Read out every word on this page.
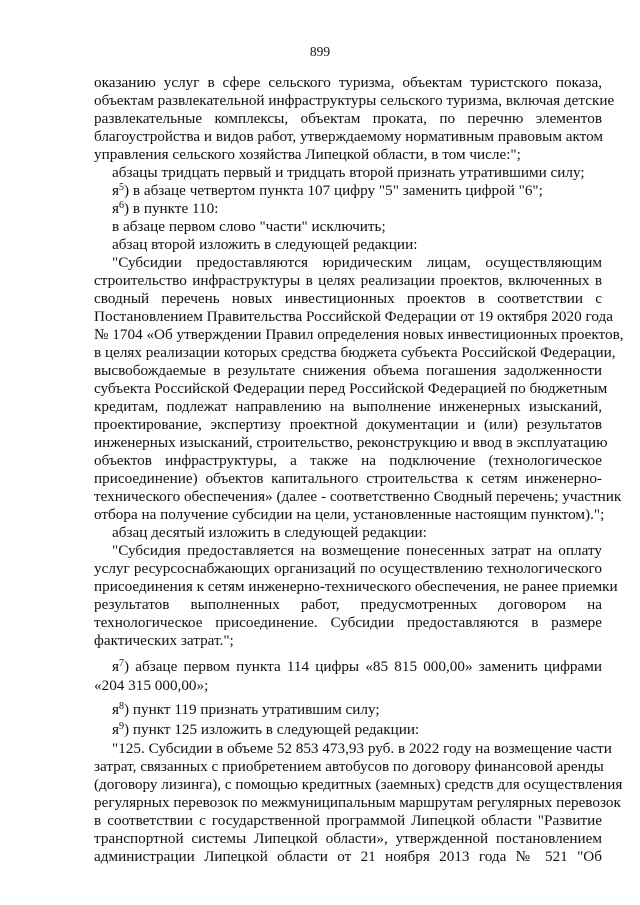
899
оказанию услуг в сфере сельского туризма, объектам туристского показа,
объектам развлекательной инфраструктуры сельского туризма, включая детские
развлекательные комплексы, объектам проката, по перечню элементов
благоустройства и видов работ, утверждаемому нормативным правовым актом
управления сельского хозяйства Липецкой области, в том числе:";
абзацы тридцать первый и тридцать второй признать утратившими силу;
$я^5$) в абзаце четвертом пункта 107 цифру "5" заменить цифрой "6";
$я^6$) в пункте 110:
в абзаце первом слово "части" исключить;
абзац второй изложить в следующей редакции:
"Субсидии предоставляются юридическим лицам, осуществляющим
строительство инфраструктуры в целях реализации проектов, включенных в
сводный перечень новых инвестиционных проектов в соответствии с
Постановлением Правительства Российской Федерации от 19 октября 2020 года
№ 1704 «Об утверждении Правил определения новых инвестиционных проектов,
в целях реализации которых средства бюджета субъекта Российской Федерации,
высвобождаемые в результате снижения объема погашения задолженности
субъекта Российской Федерации перед Российской Федерацией по бюджетным
кредитам, подлежат направлению на выполнение инженерных изысканий,
проектирование, экспертизу проектной документации и (или) результатов
инженерных изысканий, строительство, реконструкцию и ввод в эксплуатацию
объектов инфраструктуры, а также на подключение (технологическое
присоединение) объектов капитального строительства к сетям инженерно-
технического обеспечения» (далее - соответственно Сводный перечень; участник
отбора на получение субсидии на цели, установленные настоящим пунктом).";
абзац десятый изложить в следующей редакции:
"Субсидия предоставляется на возмещение понесенных затрат на оплату
услуг ресурсоснабжающих организаций по осуществлению технологического
присоединения к сетям инженерно-технического обеспечения, не ранее приемки
результатов выполненных работ, предусмотренных договором на
технологическое присоединение. Субсидии предоставляются в размере
фактических затрат.";
$я^7$) абзаце первом пункта 114 цифры «85 815 000,00» заменить цифрами
«204 315 000,00»;
$я^8$) пункт 119 признать утратившим силу;
$я^9$) пункт 125 изложить в следующей редакции:
"125. Субсидии в объеме 52 853 473,93 руб. в 2022 году на возмещение части
затрат, связанных с приобретением автобусов по договору финансовой аренды
(договору лизинга), с помощью кредитных (заемных) средств для осуществления
регулярных перевозок по межмуниципальным маршрутам регулярных перевозок
в соответствии с государственной программой Липецкой области "Развитие
транспортной системы Липецкой области», утвержденной постановлением
администрации Липецкой области от 21 ноября 2013 года № 521 "Об
